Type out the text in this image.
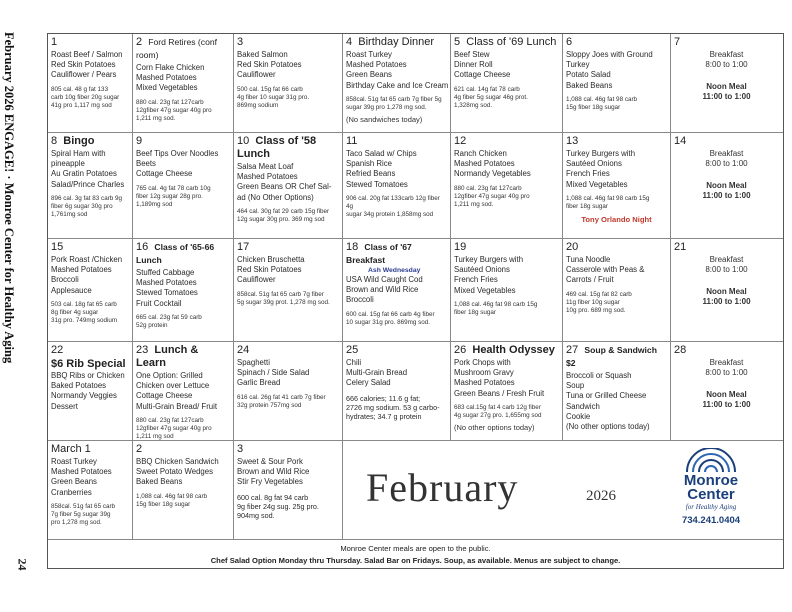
February 2026 ENGAGE! · Monroe Center for Healthy Aging
24
1
Roast Beef / Salmon
Red Skin Potatoes
Cauliflower / Pears
805 cal. 48 g fat 133
carb 10g fiber 20g sugar
41g pro 1,117 mg sod
2 Ford Retires (conf room)
Corn Flake Chicken
Mashed Potatoes
Mixed Vegetables
880 cal. 23g fat 127carb
12gfiber 47g sugar 40g pro
1,211 mg sod.
3
Baked Salmon
Red Skin Potatoes
Cauliflower
500 cal. 15g fat 66 carb
4g fiber 10 sugar 31g pro.
869mg sodium
4 Birthday Dinner
Roast Turkey
Mashed Potatoes
Green Beans
Birthday Cake and Ice Cream
858cal. 51g fat 65 carb 7g fiber 5g
sugar 39g pro 1,278 mg sod.
(No sandwiches today)
5 Class of '69 Lunch
Beef Stew
Dinner Roll
Cottage Cheese
621 cal. 14g fat 78 carb
4g fiber 5g sugar 46g prot.
1,328mg sod.
6
Sloppy Joes with Ground
Turkey
Potato Salad
Baked Beans
1,088 cal. 46g fat 98 carb
15g fiber 18g sugar
7
Breakfast
8:00 to 1:00
Noon Meal
11:00 to 1:00
8 Bingo
Spiral Ham with
pineapple
Au Gratin Potatoes
Salad/Prince Charles
896 cal. 3g fat 83 carb 9g
fiber 6g sugar 30g pro
1,761mg sod
9
Beef Tips Over Noodles
Beets
Cottage Cheese
765 cal. 4g fat 78 carb 10g
fiber 12g sugar 28g pro.
1,189mg sod
10 Class of '58 Lunch
Salsa Meat Loaf
Mashed Potatoes
Green Beans OR Chef Sal-
ad (No Other Options)
464 cal. 30g fat 29 carb 15g fiber
12g sugar 30g pro. 369 mg sod
11
Taco Salad w/ Chips
Spanish Rice
Refried Beans
Stewed Tomatoes
906 cal. 20g fat 133carb 12g fiber 4g
sugar 34g protein 1,858mg sod
12
Ranch Chicken
Mashed Potatoes
Normandy Vegetables
880 cal. 23g fat 127carb
12gfiber 47g sugar 40g pro
1,211 mg sod.
13
Turkey Burgers with
Sautéed Onions
French Fries
Mixed Vegetables
1,088 cal. 46g fat 98 carb 15g
fiber 18g sugar
Tony Orlando Night
14
Breakfast
8:00 to 1:00
Noon Meal
11:00 to 1:00
15
Pork Roast /Chicken
Mashed Potatoes
Broccoli
Applesauce
503 cal. 18g fat 65 carb
8g fiber 4g sugar
31g pro. 749mg sodium
16 Class of '65-66 Lunch
Stuffed Cabbage
Mashed Potatoes
Stewed Tomatoes
Fruit Cocktail
665 cal. 23g fat 59 carb
52g protein
17
Chicken Bruschetta
Red Skin Potatoes
Cauliflower
858cal. 51g fat 65 carb 7g fiber
5g sugar 39g prot. 1,278 mg sod.
18 Class of '67 Breakfast
Ash Wednesday
USA Wild Caught Cod
Brown and Wild Rice
Broccoli
600 cal. 15g fat 66 carb 4g fiber
10 sugar 31g pro. 869mg sod.
19
Turkey Burgers with
Sautéed Onions
French Fries
Mixed Vegetables
1,088 cal. 46g fat 98 carb 15g
fiber 18g sugar
20
Tuna Noodle
Casserole with Peas &
Carrots / Fruit
469 cal. 15g fat 82 carb
11g fiber 10g sugar
10g pro. 689 mg sod.
21
Breakfast
8:00 to 1:00
Noon Meal
11:00 to 1:00
22
$6 Rib Special
BBQ Ribs or Chicken
Baked Potatoes
Normandy Veggies
Dessert
23 Lunch & Learn
One Option: Grilled
Chicken over Lettuce
Cottage Cheese
Multi-Grain Bread/ Fruit
880 cal. 23g fat 127carb
12gfiber 47g sugar 40g pro
1,211 mg sod
24
Spaghetti
Spinach / Side Salad
Garlic Bread
616 cal. 26g fat 41 carb 7g fiber
32g protein 757mg sod
25
Chili
Multi-Grain Bread
Celery Salad
666 calories; 11.6 g fat;
2726 mg sodium. 53 g carbo-
hydrates; 34.7 g protein
26 Health Odyssey
Pork Chops with
Mushroom Gravy
Mashed Potatoes
Green Beans / Fresh Fruit
683 cal.15g fat 4 carb 12g fiber
4g sugar 27g pro. 1,655mg sod
(No other options today)
27 Soup & Sandwich $2
Broccoli or Squash
Soup
Tuna or Grilled Cheese
Sandwich
Cookie
(No other options today)
28
Breakfast
8:00 to 1:00
Noon Meal
11:00 to 1:00
March 1
Roast Turkey
Mashed Potatoes
Green Beans
Cranberries
858cal. 51g fat 65 carb
7g fiber 5g sugar 39g
pro 1,278 mg sod.
2
BBQ Chicken Sandwich
Sweet Potato Wedges
Baked Beans
1,088 cal. 46g fat 98 carb
15g fiber 18g sugar
3
Sweet & Sour Pork
Brown and Wild Rice
Stir Fry Vegetables
600 cal. 8g fat 94 carb
9g fiber 24g sug. 25g pro.
904mg sod.
February	2026
Monroe
Center
for Healthy Aging
734.241.0404
Monroe Center meals are open to the public.
Chef Salad Option Monday thru Thursday. Salad Bar on Fridays. Soup, as available. Menus are subject to change.
